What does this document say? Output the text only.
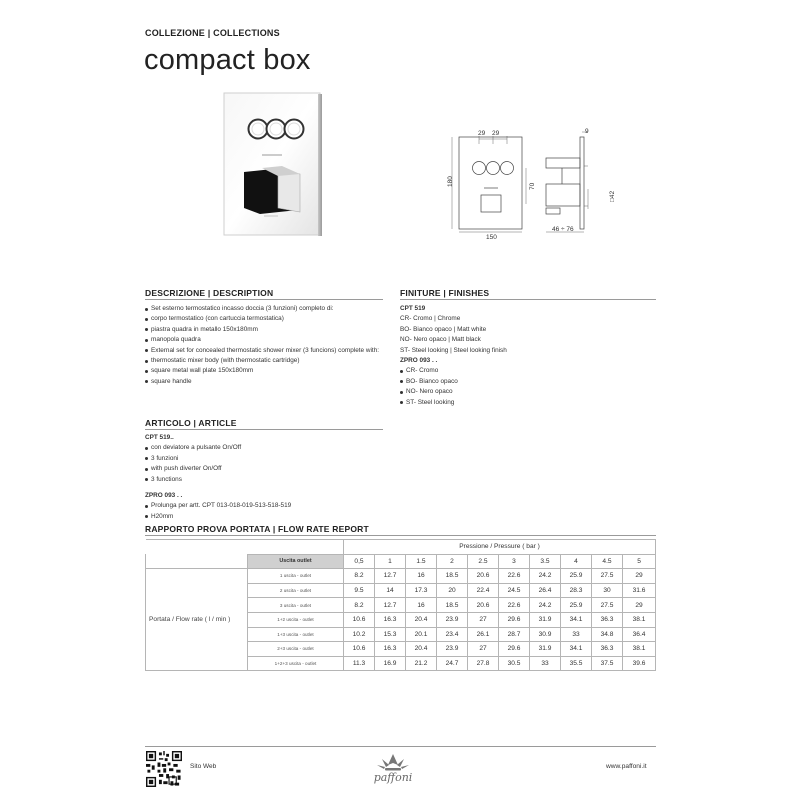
COLLEZIONE | COLLECTIONS
compact box
29 29
180
150
70
9
□42
46 ÷ 76
DESCRIZIONE | DESCRIPTION
Set esterno termostatico incasso doccia (3 funzioni) completo di:
corpo termostatico (con cartuccia termostatica)
piastra quadra in metallo 150x180mm
manopola quadra
External set for concealed thermostatic shower mixer (3 funcions) complete with:
thermostatic mixer body (with thermostatic cartridge)
square metal wall plate 150x180mm
square handle
FINITURE | FINISHES
CPT 519
CR- Cromo | Chrome
BO- Bianco opaco | Matt white
NO- Nero opaco | Matt black
ST- Steel looking | Steel looking finish
ZPRO 093 . .
CR- Cromo
BO- Bianco opaco
NO- Nero opaco
ST- Steel looking
ARTICOLO | ARTICLE
CPT 519..
con deviatore a pulsante On/Off
3 funzioni
with push diverter On/Off
3 functions
ZPRO 093 . .
Prolunga per artt. CPT 013-018-019-513-518-519
H20mm
RAPPORTO PROVA PORTATA | FLOW RATE REPORT
		Pressione / Pressure ( bar )									
	Uscita outlet	0,5	1	1.5	2	2.5	3	3.5	4	4.5	5
Portata / Flow rate ( l / min )	1 uscita - outlet	8.2	12.7	16	18.5	20.6	22.6	24.2	25.9	27.5	29
	2 uscita - outlet	9.5	14	17.3	20	22.4	24.5	26.4	28.3	30	31.6
	3 uscita - outlet	8.2	12.7	16	18.5	20.6	22.6	24.2	25.9	27.5	29
	1+2 uscita - outlet	10.6	16.3	20.4	23.9	27	29.6	31.9	34.1	36.3	38.1
	1+3 uscita - outlet	10.2	15.3	20.1	23.4	26.1	28.7	30.9	33	34.8	36.4
	2+3 uscita - outlet	10.6	16.3	20.4	23.9	27	29.6	31.9	34.1	36.3	38.1
	1+2+3 uscita - outlet	11.3	16.9	21.2	24.7	27.8	30.5	33	35.5	37.5	39.6
Sito Web
paffoni
www.paffoni.it
